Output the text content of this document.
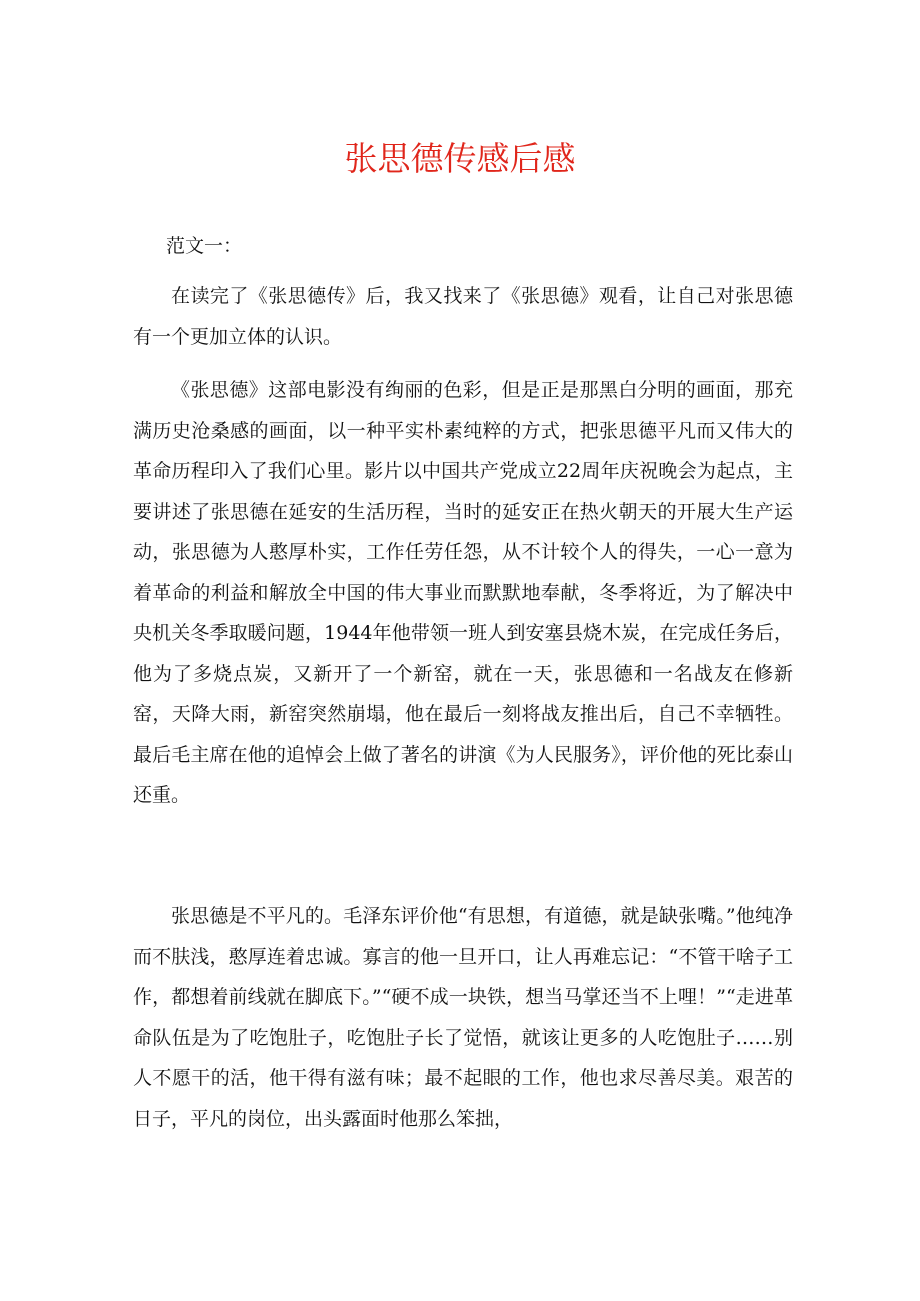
张思德传感后感

范文一：

在读完了《张思德传》后，我又找来了《张思德》观看，让自己对张思德有一个更加立体的认识。

《张思德》这部电影没有绚丽的色彩，但是正是那黑白分明的画面，那充满历史沧桑感的画面，以一种平实朴素纯粹的方式，把张思德平凡而又伟大的革命历程印入了我们心里。影片以中国共产党成立22周年庆祝晚会为起点，主要讲述了张思德在延安的生活历程，当时的延安正在热火朝天的开展大生产运动，张思德为人憨厚朴实，工作任劳任怨，从不计较个人的得失，一心一意为着革命的利益和解放全中国的伟大事业而默默地奉献，冬季将近，为了解决中央机关冬季取暖问题，1944年他带领一班人到安塞县烧木炭，在完成任务后，他为了多烧点炭，又新开了一个新窑，就在一天，张思德和一名战友在修新窑，天降大雨，新窑突然崩塌，他在最后一刻将战友推出后，自己不幸牺牲。最后毛主席在他的追悼会上做了著名的讲演《为人民服务》，评价他的死比泰山还重。

张思德是不平凡的。毛泽东评价他“有思想，有道德，就是缺张嘴。”他纯净而不肤浅，憨厚连着忠诚。寡言的他一旦开口，让人再难忘记：“不管干啥子工作，都想着前线就在脚底下。”“硬不成一块铁，想当马掌还当不上哩！”“走进革命队伍是为了吃饱肚子，吃饱肚子长了觉悟，就该让更多的人吃饱肚子……别人不愿干的活，他干得有滋有味；最不起眼的工作，他也求尽善尽美。艰苦的日子，平凡的岗位，出头露面时他那么笨拙，
